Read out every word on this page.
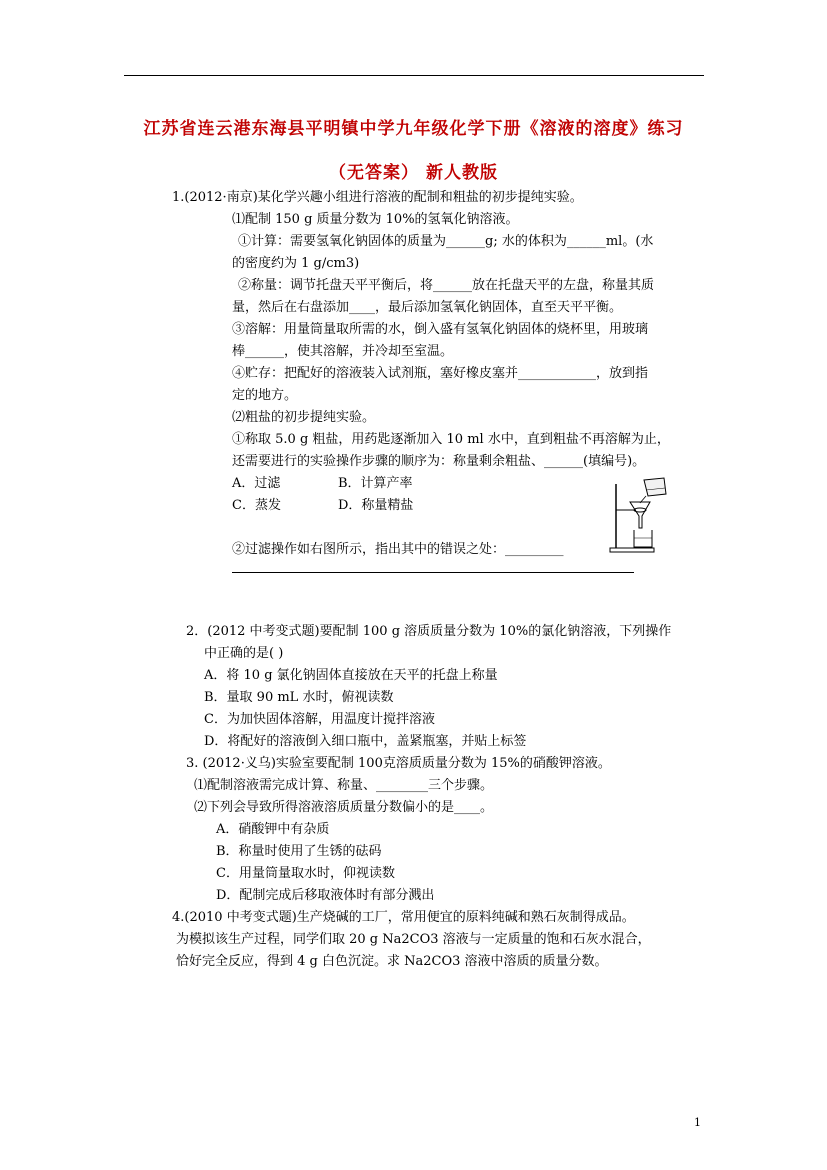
江苏省连云港东海县平明镇中学九年级化学下册《溶液的溶度》练习
（无答案） 新人教版
1.(2012·南京)某化学兴趣小组进行溶液的配制和粗盐的初步提纯实验。
⑴配制 150 g 质量分数为 10%的氢氧化钠溶液。
①计算：需要氢氧化钠固体的质量为______g; 水的体积为______ml。(水
的密度约为 1 g/cm3)
②称量：调节托盘天平平衡后，将______放在托盘天平的左盘，称量其质
量，然后在右盘添加____，最后添加氢氧化钠固体，直至天平平衡。
③溶解：用量筒量取所需的水，倒入盛有氢氧化钠固体的烧杯里，用玻璃
棒______，使其溶解，并冷却至室温。
④贮存：把配好的溶液装入试剂瓶，塞好橡皮塞并____________，放到指
定的地方。
⑵粗盐的初步提纯实验。
①称取 5.0 g 粗盐，用药匙逐渐加入 10 ml 水中，直到粗盐不再溶解为止，
还需要进行的实验操作步骤的顺序为：称量剩余粗盐、______(填编号)。
A．过滤	B．计算产率
C．蒸发	D．称量精盐
②过滤操作如右图所示，指出其中的错误之处：_________
2．(2012 中考变式题)要配制 100 g 溶质质量分数为 10%的氯化钠溶液，下列操作
中正确的是( )
A．将 10 g 氯化钠固体直接放在天平的托盘上称量
B．量取 90 mL 水时，俯视读数
C．为加快固体溶解，用温度计搅拌溶液
D．将配好的溶液倒入细口瓶中，盖紧瓶塞，并贴上标签
3. (2012·义乌)实验室要配制 100克溶质质量分数为 15%的硝酸钾溶液。
⑴配制溶液需完成计算、称量、________三个步骤。
⑵下列会导致所得溶液溶质质量分数偏小的是____。
A．硝酸钾中有杂质
B．称量时使用了生锈的砝码
C．用量筒量取水时，仰视读数
D．配制完成后移取液体时有部分溅出
4.(2010 中考变式题)生产烧碱的工厂，常用便宜的原料纯碱和熟石灰制得成品。
为模拟该生产过程，同学们取 20 g Na2CO3 溶液与一定质量的饱和石灰水混合，
恰好完全反应，得到 4 g 白色沉淀。求 Na2CO3 溶液中溶质的质量分数。
1
